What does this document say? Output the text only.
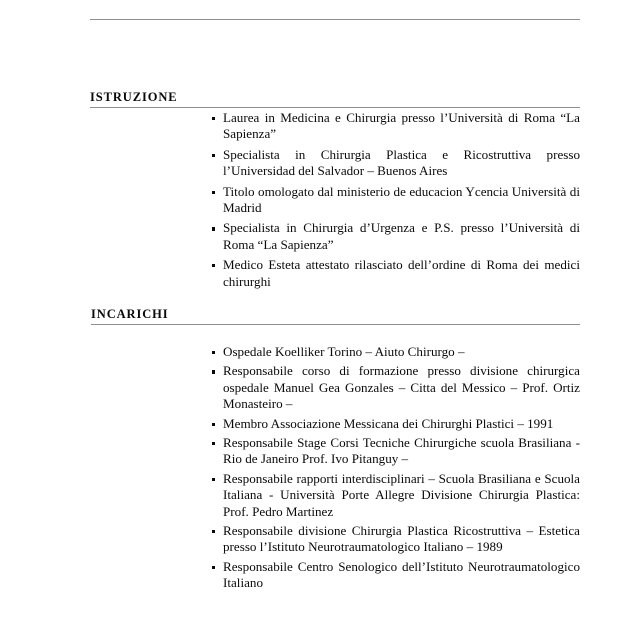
ISTRUZIONE
Laurea in Medicina e Chirurgia presso l’Università di Roma “La Sapienza”
Specialista in Chirurgia Plastica e Ricostruttiva presso l’Universidad del Salvador – Buenos Aires
Titolo omologato dal ministerio de educacion Ycencia Università di Madrid
Specialista in Chirurgia d’Urgenza e P.S. presso l’Università di Roma “La Sapienza”
Medico Esteta attestato rilasciato dell’ordine di Roma dei medici chirurghi
INCARICHI
Ospedale Koelliker Torino – Aiuto Chirurgo –
Responsabile corso di formazione presso divisione chirurgica ospedale Manuel Gea Gonzales – Citta del Messico – Prof. Ortiz Monasteiro –
Membro Associazione Messicana dei Chirurghi Plastici – 1991
Responsabile Stage Corsi Tecniche Chirurgiche scuola Brasiliana - Rio de Janeiro Prof. Ivo Pitanguy –
Responsabile rapporti interdisciplinari – Scuola Brasiliana e Scuola Italiana - Università Porte Allegre Divisione Chirurgia Plastica: Prof. Pedro Martinez
Responsabile divisione Chirurgia Plastica Ricostruttiva – Estetica presso l’Istituto Neurotraumatologico Italiano – 1989
Responsabile Centro Senologico dell’Istituto Neurotraumatologico Italiano
